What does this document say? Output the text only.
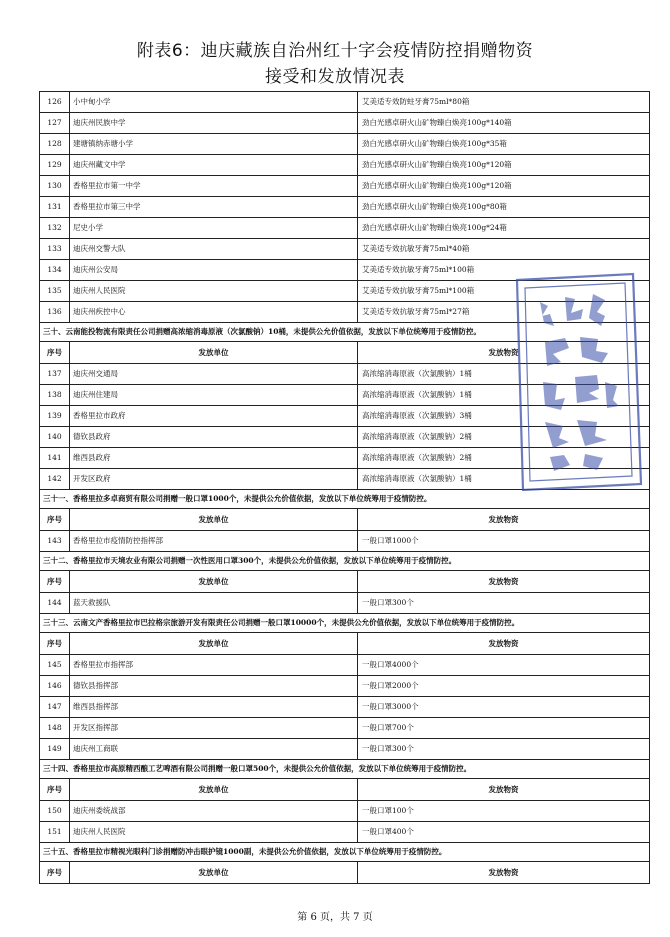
附表6：迪庆藏族自治州红十字会疫情防控捐赠物资
接受和发放情况表
126	小中甸小学	艾美适专效防蛀牙膏75ml*80箱
127	迪庆州民族中学	劲白光感卓研火山矿物臻白焕亮100g*140箱
128	建塘镇纳赤塘小学	劲白光感卓研火山矿物臻白焕亮100g*35箱
129	迪庆州藏文中学	劲白光感卓研火山矿物臻白焕亮100g*120箱
130	香格里拉市第一中学	劲白光感卓研火山矿物臻白焕亮100g*120箱
131	香格里拉市第三中学	劲白光感卓研火山矿物臻白焕亮100g*80箱
132	尼史小学	劲白光感卓研火山矿物臻白焕亮100g*24箱
133	迪庆州交警大队	艾美适专效抗敏牙膏75ml*40箱
134	迪庆州公安局	艾美适专效抗敏牙膏75ml*100箱
135	迪庆州人民医院	艾美适专效抗敏牙膏75ml*100箱
136	迪庆州疾控中心	艾美适专效抗敏牙膏75ml*27箱
三十、云南能投物流有限责任公司捐赠高浓缩消毒原液（次氯酸钠）10桶，未提供公允价值依据，发放以下单位统筹用于疫情防控。		
序号	发放单位	发放物资
137	迪庆州交通局	高浓缩消毒原液（次氯酸钠）1桶
138	迪庆州住建局	高浓缩消毒原液（次氯酸钠）1桶
139	香格里拉市政府	高浓缩消毒原液（次氯酸钠）3桶
140	德钦县政府	高浓缩消毒原液（次氯酸钠）2桶
141	维西县政府	高浓缩消毒原液（次氯酸钠）2桶
142	开发区政府	高浓缩消毒原液（次氯酸钠）1桶
三十一、香格里拉多卓商贸有限公司捐赠一般口罩1000个，未提供公允价值依据，发放以下单位统筹用于疫情防控。		
序号	发放单位	发放物资
143	香格里拉市疫情防控指挥部	一般口罩1000个
三十二、香格里拉市天境农业有限公司捐赠一次性医用口罩300个，未提供公允价值依据，发放以下单位统筹用于疫情防控。		
序号	发放单位	发放物资
144	蓝天救援队	一般口罩300个
三十三、云南文产香格里拉市巴拉格宗旅游开发有限责任公司捐赠一般口罩10000个，未提供公允价值依据，发放以下单位统筹用于疫情防控。		
序号	发放单位	发放物资
145	香格里拉市指挥部	一般口罩4000个
146	德钦县指挥部	一般口罩2000个
147	维西县指挥部	一般口罩3000个
148	开发区指挥部	一般口罩700个
149	迪庆州工商联	一般口罩300个
三十四、香格里拉市高原精西酿工艺啤酒有限公司捐赠一般口罩500个，未提供公允价值依据，发放以下单位统筹用于疫情防控。		
序号	发放单位	发放物资
150	迪庆州委统战部	一般口罩100个
151	迪庆州人民医院	一般口罩400个
三十五、香格里拉市精视光眼科门诊捐赠防冲击眼护镜1000副，未提供公允价值依据，发放以下单位统筹用于疫情防控。		
序号	发放单位	发放物资
第 6 页，共 7 页
